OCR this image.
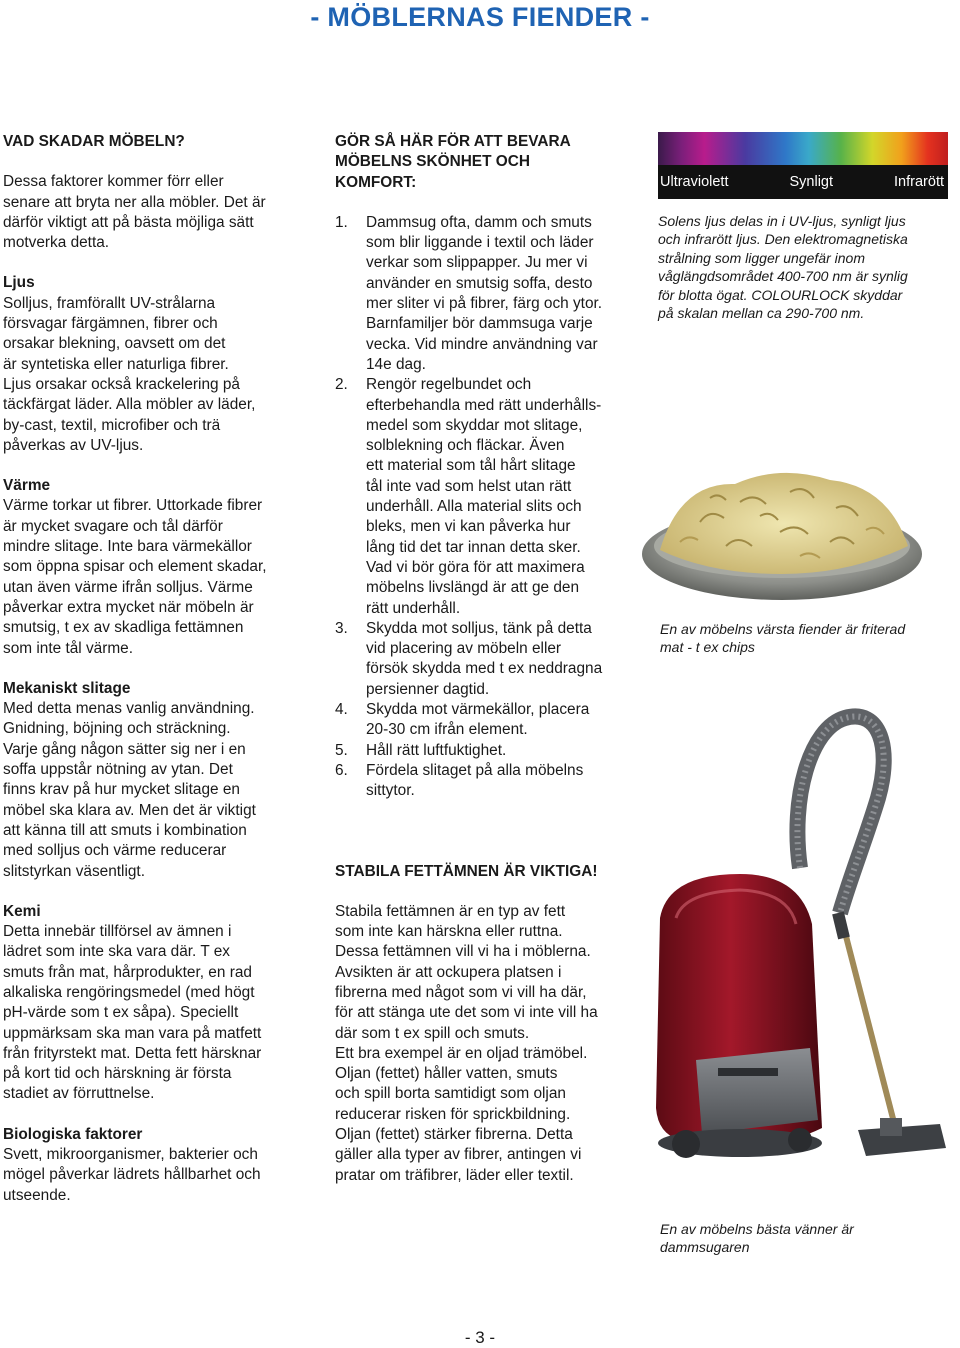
- MÖBLERNAS FIENDER -

VAD SKADAR MÖBELN?

Dessa faktorer kommer förr eller
senare att bryta ner alla möbler. Det är
därför viktigt att på bästa möjliga sätt
motverka detta.

Ljus

Solljus, framförallt UV-strålarna
försvagar färgämnen, fibrer och
orsakar blekning, oavsett om det
är syntetiska eller naturliga fibrer.
Ljus orsakar också krackelering på
täckfärgat läder. Alla möbler av läder,
by-cast, textil, microfiber och trä
påverkas av UV-ljus.

Värme

Värme torkar ut fibrer. Uttorkade fibrer
är mycket svagare och tål därför
mindre slitage. Inte bara värmekällor
som öppna spisar och element skadar,
utan även värme ifrån solljus. Värme
påverkar extra mycket när möbeln är
smutsig, t ex av skadliga fettämnen
som inte tål värme.

Mekaniskt slitage

Med detta menas vanlig användning.
Gnidning, böjning och sträckning.
Varje gång någon sätter sig ner i en
soffa uppstår nötning av ytan. Det
finns krav på hur mycket slitage en
möbel ska klara av. Men det är viktigt
att känna till att smuts i kombination
med solljus och värme reducerar
slitstyrkan väsentligt.

Kemi

Detta innebär tillförsel av ämnen i
lädret som inte ska vara där. T ex
smuts från mat, hårprodukter, en rad
alkaliska rengöringsmedel (med högt
pH-värde som t ex såpa). Speciellt
uppmärksam ska man vara på matfett
från frityrstekt mat. Detta fett härsknar
på kort tid och härskning är första
stadiet av förruttnelse.

Biologiska faktorer

Svett, mikroorganismer, bakterier och
mögel påverkar lädrets hållbarhet och
utseende.

GÖR SÅ HÄR FÖR ATT BEVARA
MÖBELNS SKÖNHET OCH
KOMFORT:

1. Dammsug ofta, damm och smuts
som blir liggande i textil och läder
verkar som slippapper. Ju mer vi
använder en smutsig soffa, desto
mer sliter vi på fibrer, färg och ytor.
Barnfamiljer bör dammsuga varje
vecka. Vid mindre användning var
14e dag.
2. Rengör regelbundet och
efterbehandla med rätt underhålls-
medel som skyddar mot slitage,
solblekning och fläckar. Även
ett material som tål hårt slitage
tål inte vad som helst utan rätt
underhåll. Alla material slits och
bleks, men vi kan påverka hur
lång tid det tar innan detta sker.
Vad vi bör göra för att maximera
möbelns livslängd är att ge den
rätt underhåll.
3. Skydda mot solljus, tänk på detta
vid placering av möbeln eller
försök skydda med t ex neddragna
persienner dagtid.
4. Skydda mot värmekällor, placera
20-30 cm ifrån element.
5. Håll rätt luftfuktighet.
6. Fördela slitaget på alla möbelns
sittytor.

STABILA FETTÄMNEN ÄR VIKTIGA!

Stabila fettämnen är en typ av fett
som inte kan härskna eller ruttna.
Dessa fettämnen vill vi ha i möblerna.
Avsikten är att ockupera platsen i
fibrerna med något som vi vill ha där,
för att stänga ute det som vi inte vill ha
där som t ex spill och smuts.
Ett bra exempel är en oljad trämöbel.
Oljan (fettet) håller vatten, smuts
och spill borta samtidigt som oljan
reducerar risken för sprickbildning.
Oljan (fettet) stärker fibrerna. Detta
gäller alla typer av fibrer, antingen vi
pratar om träfibrer, läder eller textil.

Ultraviolett	Synligt	Infrarött

Solens ljus delas in i UV-ljus, synligt ljus
och infrarött ljus. Den elektromagnetiska
strålning som ligger ungefär inom
våglängdsområdet 400-700 nm är synlig
för blotta ögat. COLOURLOCK skyddar
på skalan mellan ca 290-700 nm.

En av möbelns värsta fiender är friterad
mat - t ex chips

En av möbelns bästa vänner är
dammsugaren

- 3 -
